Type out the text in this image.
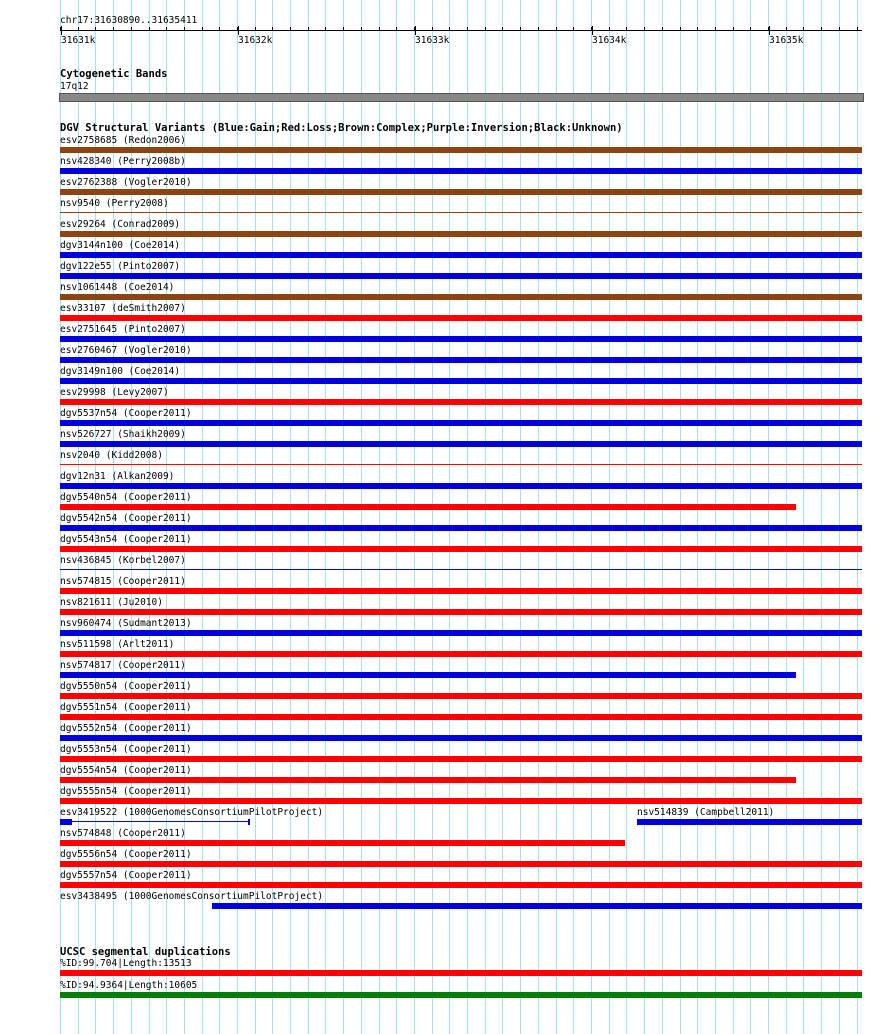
chr17:31630890..31635411
31631k	31632k	31633k	31634k	31635k
Cytogenetic Bands
17q12
DGV Structural Variants (Blue:Gain;Red:Loss;Brown:Complex;Purple:Inversion;Black:Unknown)
esv2758685 (Redon2006)
nsv428340 (Perry2008b)
esv2762388 (Vogler2010)
nsv9540 (Perry2008)
esv29264 (Conrad2009)
dgv3144n100 (Coe2014)
dgv122e55 (Pinto2007)
nsv1061448 (Coe2014)
esv33107 (deSmith2007)
esv2751645 (Pinto2007)
esv2760467 (Vogler2010)
dgv3149n100 (Coe2014)
esv29998 (Levy2007)
dgv5537n54 (Cooper2011)
nsv526727 (Shaikh2009)
nsv2040 (Kidd2008)
dgv12n31 (Alkan2009)
dgv5540n54 (Cooper2011)
dgv5542n54 (Cooper2011)
dgv5543n54 (Cooper2011)
nsv436845 (Korbel2007)
nsv574815 (Cooper2011)
nsv821611 (Ju2010)
nsv960474 (Sudmant2013)
nsv511598 (Arlt2011)
nsv574817 (Cooper2011)
dgv5550n54 (Cooper2011)
dgv5551n54 (Cooper2011)
dgv5552n54 (Cooper2011)
dgv5553n54 (Cooper2011)
dgv5554n54 (Cooper2011)
dgv5555n54 (Cooper2011)
esv3419522 (1000GenomesConsortiumPilotProject)	nsv514839 (Campbell2011)
nsv574848 (Cooper2011)
dgv5556n54 (Cooper2011)
dgv5557n54 (Cooper2011)
esv3438495 (1000GenomesConsortiumPilotProject)
UCSC segmental duplications
%ID:99.704|Length:13513
%ID:94.9364|Length:10605
